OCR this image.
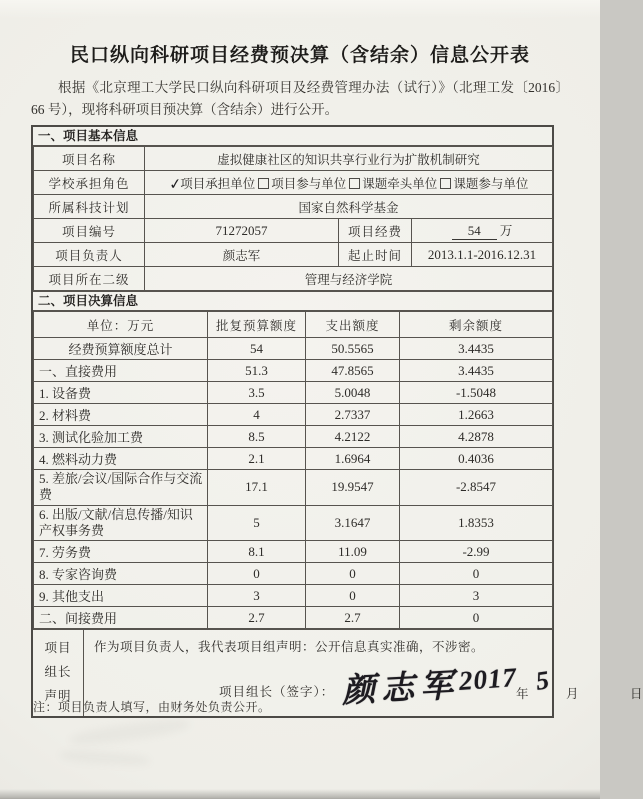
民口纵向科研项目经费预决算（含结余）信息公开表

根据《北京理工大学民口纵向科研项目及经费管理办法（试行）》（北理工发〔2016〕66 号），现将科研项目预决算（含结余）进行公开。

一、项目基本信息
项目名称	虚拟健康社区的知识共享行业行为扩散机制研究		
学校承担角色	✓项目承担单位 项目参与单位 课题牵头单位 课题参与单位		
所属科技计划	国家自然科学基金		
项目编号	71272057	项目经费	54 万
项目负责人	颜志军	起止时间	2013.1.1-2016.12.31
项目所在二级	管理与经济学院		
二、项目决算信息
单位：万元	批复预算额度	支出额度	剩余额度
经费预算额度总计	54	50.5565	3.4435
一、直接费用	51.3	47.8565	3.4435
1. 设备费	3.5	5.0048	-1.5048
2. 材料费	4	2.7337	1.2663
3. 测试化验加工费	8.5	4.2122	4.2878
4. 燃料动力费	2.1	1.6964	0.4036
5. 差旅/会议/国际合作与交流费	17.1	19.9547	-2.8547
6. 出版/文献/信息传播/知识产权事务费	5	3.1647	1.8353
7. 劳务费	8.1	11.09	-2.99
8. 专家咨询费	0	0	0
9. 其他支出	3	0	3
二、间接费用	2.7	2.7	0
项目
组长
声明

作为项目负责人，我代表项目组声明：公开信息真实准确，不涉密。

项目组长（签字）： 颜志军
2017
年 5 月	日

注：项目负责人填写，由财务处负责公开。
